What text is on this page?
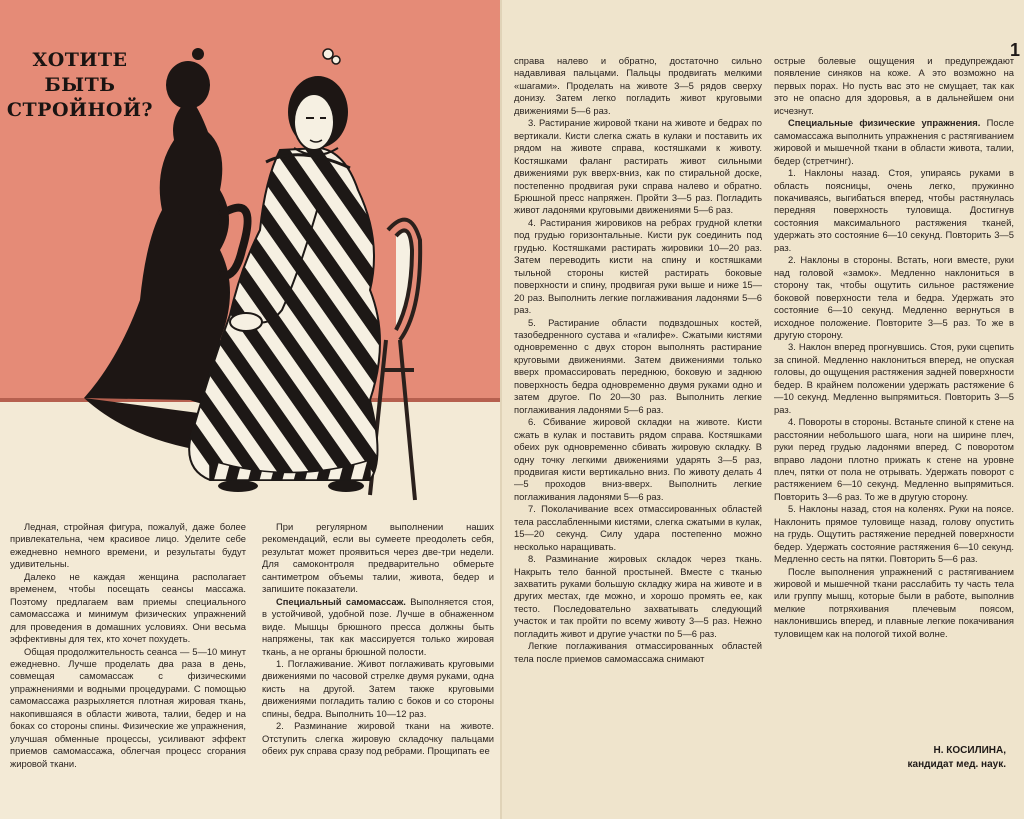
ХОТИТЕ
БЫТЬ
СТРОЙНОЙ?

Ледная, стройная фигура, пожалуй, даже более привлекательна, чем красивое лицо. Уделите себе ежедневно немного времени, и результаты будут удивительны.

Далеко не каждая женщина располагает временем, чтобы посещать сеансы массажа. Поэтому предлагаем вам приемы специального самомассажа и минимум физических упражнений для проведения в домашних условиях. Они весьма эффективны для тех, кто хочет похудеть.

Общая продолжительность сеанса — 5—10 минут ежедневно. Лучше проделать два раза в день, совмещая самомассаж с физическими упражнениями и водными процедурами. С помощью самомассажа разрыхляется плотная жировая ткань, накопившаяся в области живота, талии, бедер и на боках со стороны спины. Физические же упражнения, улучшая обменные процессы, усиливают эффект приемов самомассажа, облегчая процесс сгорания жировой ткани.

При регулярном выполнении наших рекомендаций, если вы сумеете преодолеть себя, результат может проявиться через две-три недели. Для самоконтроля предварительно обмерьте сантиметром объемы талии, живота, бедер и запишите показатели.

Специальный самомассаж. Выполняется стоя, в устойчивой, удобной позе. Лучше в обнаженном виде. Мышцы брюшного пресса должны быть напряжены, так как массируется только жировая ткань, а не органы брюшной полости.

1. Поглаживание. Живот поглаживать круговыми движениями по часовой стрелке двумя руками, одна кисть на другой. Затем также круговыми движениями погладить талию с боков и со стороны спины, бедра. Выполнить 10—12 раз.

2. Разминание жировой ткани на животе. Отступить слегка жировую складочку пальцами обеих рук справа сразу под ребрами. Прощипать ее

справа налево и обратно, достаточно сильно надавливая пальцами. Пальцы продвигать мелкими «шагами». Проделать на животе 3—5 рядов сверху донизу. Затем легко погладить живот круговыми движениями 5—6 раз.

3. Растирание жировой ткани на животе и бедрах по вертикали. Кисти слегка сжать в кулаки и поставить их рядом на животе справа, костяшками к животу. Костяшками фаланг растирать живот сильными движениями рук вверх-вниз, как по стиральной доске, постепенно продвигая руки справа налево и обратно. Брюшной пресс напряжен. Пройти 3—5 раз. Погладить живот ладонями круговыми движениями 5—6 раз.

4. Растирания жировиков на ребрах грудной клетки под грудью горизонтальные. Кисти рук соединить под грудью. Костяшками растирать жировики 10—20 раз. Затем переводить кисти на спину и костяшками тыльной стороны кистей растирать боковые поверхности и спину, продвигая руки выше и ниже 15—20 раз. Выполнить легкие поглаживания ладонями 5—6 раз.

5. Растирание области подвздошных костей, тазобедренного сустава и «галифе». Сжатыми кистями одновременно с двух сторон выполнять растирание круговыми движениями. Затем движениями только вверх промассировать переднюю, боковую и заднюю поверхность бедра одновременно двумя руками одно и затем другое. По 20—30 раз. Выполнить легкие поглаживания ладонями 5—6 раз.

6. Сбивание жировой складки на животе. Кисти сжать в кулак и поставить рядом справа. Костяшками обеих рук одновременно сбивать жировую складку. В одну точку легкими движениями ударять 3—5 раз, продвигая кисти вертикально вниз. По животу делать 4—5 проходов вниз-вверх. Выполнить легкие поглаживания ладонями 5—6 раз.

7. Поколачивание всех отмассированных областей тела расслабленными кистями, слегка сжатыми в кулак, 15—20 секунд. Силу удара постепенно можно несколько наращивать.

8. Разминание жировых складок через ткань. Накрыть тело банной простыней. Вместе с тканью захватить руками большую складку жира на животе и в других местах, где можно, и хорошо промять ее, как тесто. Последовательно захватывать следующий участок и так пройти по всему животу 3—5 раз. Нежно погладить живот и другие участки по 5—6 раз.

Легкие поглаживания отмассированных областей тела после приемов самомассажа снимают

острые болевые ощущения и предупреждают появление синяков на коже. А это возможно на первых порах. Но пусть вас это не смущает, так как это не опасно для здоровья, а в дальнейшем они исчезнут.

Специальные физические упражнения. После самомассажа выполнить упражнения с растягиванием жировой и мышечной ткани в области живота, талии, бедер (стретчинг).

1. Наклоны назад. Стоя, упираясь руками в область поясницы, очень легко, пружинно покачиваясь, выгибаться вперед, чтобы растянулась передняя поверхность туловища. Достигнув состояния максимального растяжения тканей, удержать это состояние 6—10 секунд. Повторить 3—5 раз.

2. Наклоны в стороны. Встать, ноги вместе, руки над головой «замок». Медленно наклониться в сторону так, чтобы ощутить сильное растяжение боковой поверхности тела и бедра. Удержать это состояние 6—10 секунд. Медленно вернуться в исходное положение. Повторите 3—5 раз. То же в другую сторону.

3. Наклон вперед прогнувшись. Стоя, руки сцепить за спиной. Медленно наклониться вперед, не опуская головы, до ощущения растяжения задней поверхности бедер. В крайнем положении удержать растяжение 6—10 секунд. Медленно выпрямиться. Повторить 3—5 раз.

4. Повороты в стороны. Встаньте спиной к стене на расстоянии небольшого шага, ноги на ширине плеч, руки перед грудью ладонями вперед. С поворотом вправо ладони плотно прижать к стене на уровне плеч, пятки от пола не отрывать. Удержать поворот с растяжением 6—10 секунд. Медленно выпрямиться. Повторить 3—6 раз. То же в другую сторону.

5. Наклоны назад, стоя на коленях. Руки на поясе. Наклонить прямое туловище назад, голову опустить на грудь. Ощутить растяжение передней поверхности бедер. Удержать состояние растяжения 6—10 секунд. Медленно сесть на пятки. Повторить 5—6 раз.

После выполнения упражнений с растягиванием жировой и мышечной ткани расслабить ту часть тела или группу мышц, которые были в работе, выполнив мелкие потряхивания плечевым поясом, наклонившись вперед, и плавные легкие покачивания туловищем как на пологой тихой волне.

Н. КОСИЛИНА,
кандидат мед. наук.
1
